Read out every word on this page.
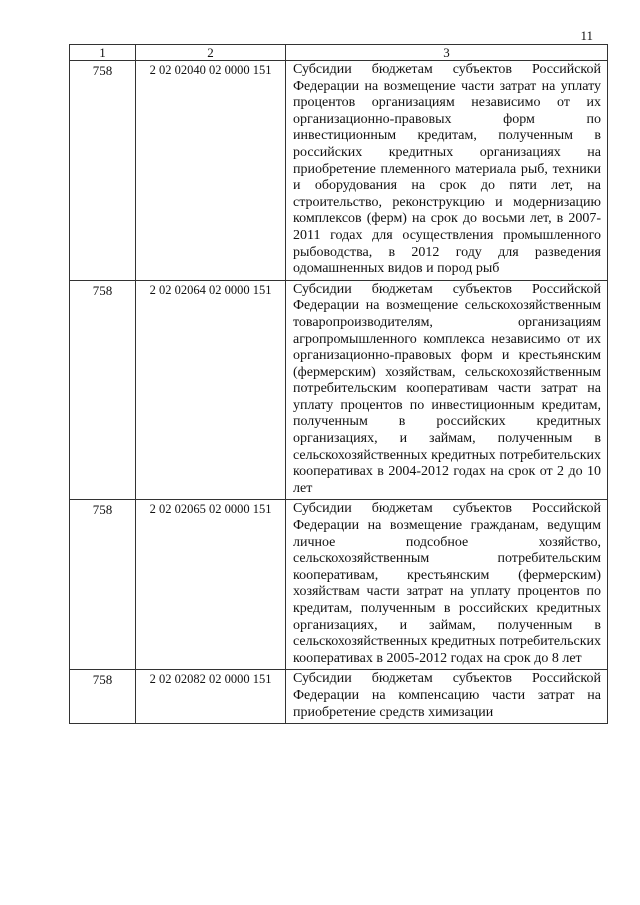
11
1	2	3
758	2 02 02040 02 0000 151	Субсидии бюджетам субъектов Российской Федерации на возмещение части затрат на уплату процентов организациям независимо от их организационно-правовых форм по инвестиционным кредитам, полученным в российских кредитных организациях на приобретение племенного материала рыб, техники и оборудования на срок до пяти лет, на строительство, реконструкцию и модернизацию комплексов (ферм) на срок до восьми лет, в 2007-2011 годах для осуществления промышленного рыбоводства, в 2012 году для разведения одомашненных видов и пород рыб

758	2 02 02064 02 0000 151	Субсидии бюджетам субъектов Российской Федерации на возмещение сельскохозяйственным товаропроизводителям, организациям агропромышленного комплекса независимо от их организационно-правовых форм и крестьянским (фермерским) хозяйствам, сельскохозяйственным потребительским кооперативам части затрат на уплату процентов по инвестиционным кредитам, полученным в российских кредитных организациях, и займам, полученным в сельскохозяйственных кредитных потребительских кооперативах в 2004-2012 годах на срок от 2 до 10 лет

758	2 02 02065 02 0000 151	Субсидии бюджетам субъектов Российской Федерации на возмещение гражданам, ведущим личное подсобное хозяйство, сельскохозяйственным потребительским кооперативам, крестьянским (фермерским) хозяйствам части затрат на уплату процентов по кредитам, полученным в российских кредитных организациях, и займам, полученным в сельскохозяйственных кредитных потребительских кооперативах в 2005-2012 годах на срок до 8 лет

758	2 02 02082 02 0000 151	Субсидии бюджетам субъектов Российской Федерации на компенсацию части затрат на приобретение средств химизации
